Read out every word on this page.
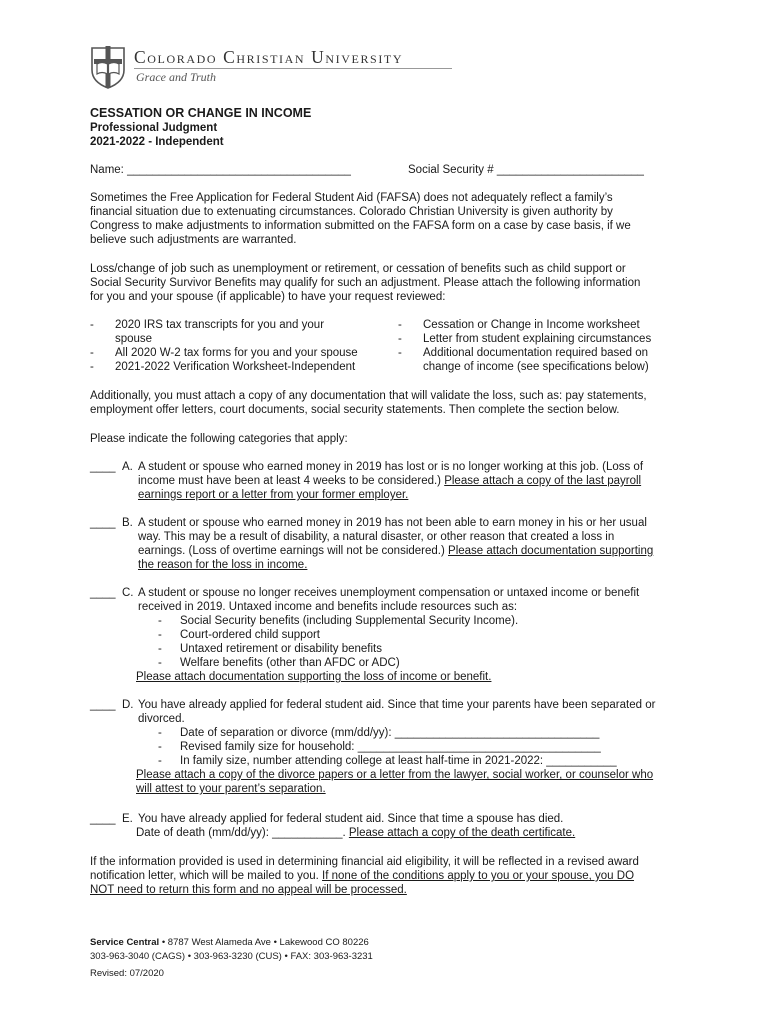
Colorado Christian University
Grace and Truth
CESSATION OR CHANGE IN INCOME
Professional Judgment
2021-2022 - Independent
Name: ___________________________________	Social Security # _______________________
Sometimes the Free Application for Federal Student Aid (FAFSA) does not adequately reflect a family’s
financial situation due to extenuating circumstances. Colorado Christian University is given authority by
Congress to make adjustments to information submitted on the FAFSA form on a case by case basis, if we
believe such adjustments are warranted.
Loss/change of job such as unemployment or retirement, or cessation of benefits such as child support or
Social Security Survivor Benefits may qualify for such an adjustment. Please attach the following information
for you and your spouse (if applicable) to have your request reviewed:
-	2020 IRS tax transcripts for you and your
spouse
-	All 2020 W-2 tax forms for you and your spouse
-	2021-2022 Verification Worksheet-Independent
-	Cessation or Change in Income worksheet
-	Letter from student explaining circumstances
-	Additional documentation required based on
change of income (see specifications below)
Additionally, you must attach a copy of any documentation that will validate the loss, such as: pay statements,
employment offer letters, court documents, social security statements. Then complete the section below.
Please indicate the following categories that apply:
____ A. A student or spouse who earned money in 2019 has lost or is no longer working at this job. (Loss of
income must have been at least 4 weeks to be considered.) Please attach a copy of the last payroll
earnings report or a letter from your former employer.
____ B. A student or spouse who earned money in 2019 has not been able to earn money in his or her usual
way. This may be a result of disability, a natural disaster, or other reason that created a loss in
earnings. (Loss of overtime earnings will not be considered.) Please attach documentation supporting
the reason for the loss in income.
____ C. A student or spouse no longer receives unemployment compensation or untaxed income or benefit
received in 2019. Untaxed income and benefits include resources such as:
-	Social Security benefits (including Supplemental Security Income).
-	Court-ordered child support
-	Untaxed retirement or disability benefits
-	Welfare benefits (other than AFDC or ADC)
Please attach documentation supporting the loss of income or benefit.
____ D. You have already applied for federal student aid. Since that time your parents have been separated or
divorced.
-	Date of separation or divorce (mm/dd/yy): ________________________________
-	Revised family size for household: ______________________________________
-	In family size, number attending college at least half-time in 2021-2022: ___________
Please attach a copy of the divorce papers or a letter from the lawyer, social worker, or counselor who
will attest to your parent’s separation.
____ E. You have already applied for federal student aid. Since that time a spouse has died.
Date of death (mm/dd/yy): ___________. Please attach a copy of the death certificate.
If the information provided is used in determining financial aid eligibility, it will be reflected in a revised award
notification letter, which will be mailed to you. If none of the conditions apply to you or your spouse, you DO
NOT need to return this form and no appeal will be processed.
Service Central • 8787 West Alameda Ave • Lakewood CO 80226
303-963-3040 (CAGS) • 303-963-3230 (CUS) • FAX: 303-963-3231
Revised: 07/2020
